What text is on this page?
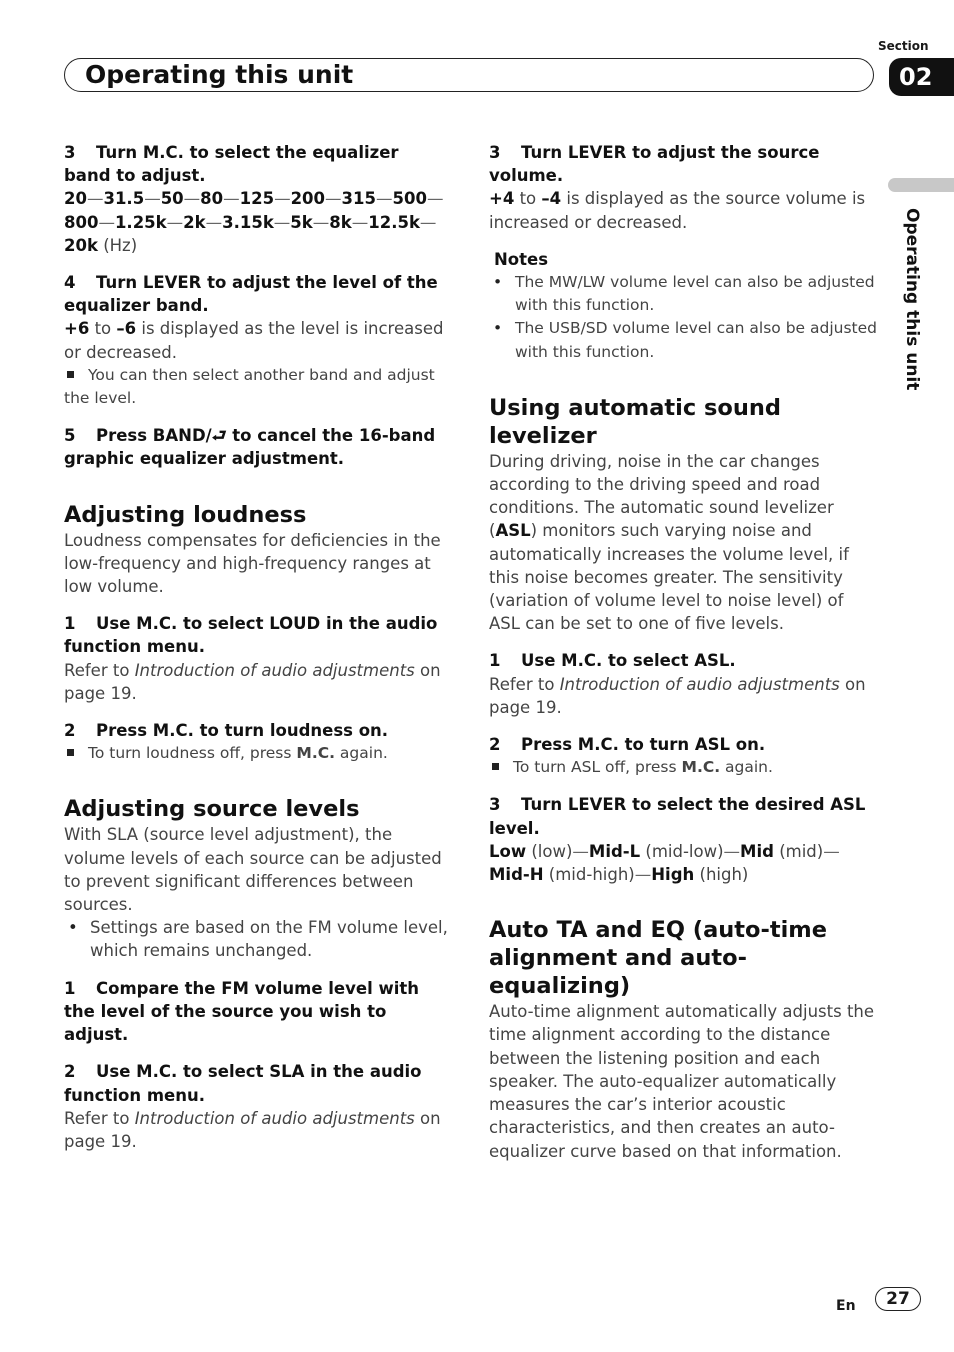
Operating this unit
Section
02
Operating this unit
3 Turn M.C. to select the equalizer band to adjust.
20—31.5—50—80—125—200—315—500—
800—1.25k—2k—3.15k—5k—8k—12.5k—
20k (Hz)
4 Turn LEVER to adjust the level of the equalizer band.
+6 to –6 is displayed as the level is increased or decreased.
You can then select another band and adjust the level.
5 Press BAND/⮐ to cancel the 16-band graphic equalizer adjustment.
Adjusting loudness
Loudness compensates for deficiencies in the low-frequency and high-frequency ranges at low volume.
1 Use M.C. to select LOUD in the audio function menu.
Refer to Introduction of audio adjustments on page 19.
2 Press M.C. to turn loudness on.
To turn loudness off, press M.C. again.
Adjusting source levels
With SLA (source level adjustment), the volume levels of each source can be adjusted to prevent significant differences between sources.
• Settings are based on the FM volume level, which remains unchanged.
1 Compare the FM volume level with the level of the source you wish to adjust.
2 Use M.C. to select SLA in the audio function menu.
Refer to Introduction of audio adjustments on page 19.
3 Turn LEVER to adjust the source volume.
+4 to –4 is displayed as the source volume is increased or decreased.
Notes
• The MW/LW volume level can also be adjusted with this function.
• The USB/SD volume level can also be adjusted with this function.
Using automatic sound levelizer
During driving, noise in the car changes according to the driving speed and road conditions. The automatic sound levelizer (ASL) monitors such varying noise and automatically increases the volume level, if this noise becomes greater. The sensitivity (variation of volume level to noise level) of ASL can be set to one of five levels.
1 Use M.C. to select ASL.
Refer to Introduction of audio adjustments on page 19.
2 Press M.C. to turn ASL on.
To turn ASL off, press M.C. again.
3 Turn LEVER to select the desired ASL level.
Low (low)—Mid-L (mid-low)—Mid (mid)—
Mid-H (mid-high)—High (high)
Auto TA and EQ (auto-time alignment and auto-equalizing)
Auto-time alignment automatically adjusts the time alignment according to the distance between the listening position and each speaker. The auto-equalizer automatically measures the car’s interior acoustic characteristics, and then creates an auto-equalizer curve based on that information.
En	27
